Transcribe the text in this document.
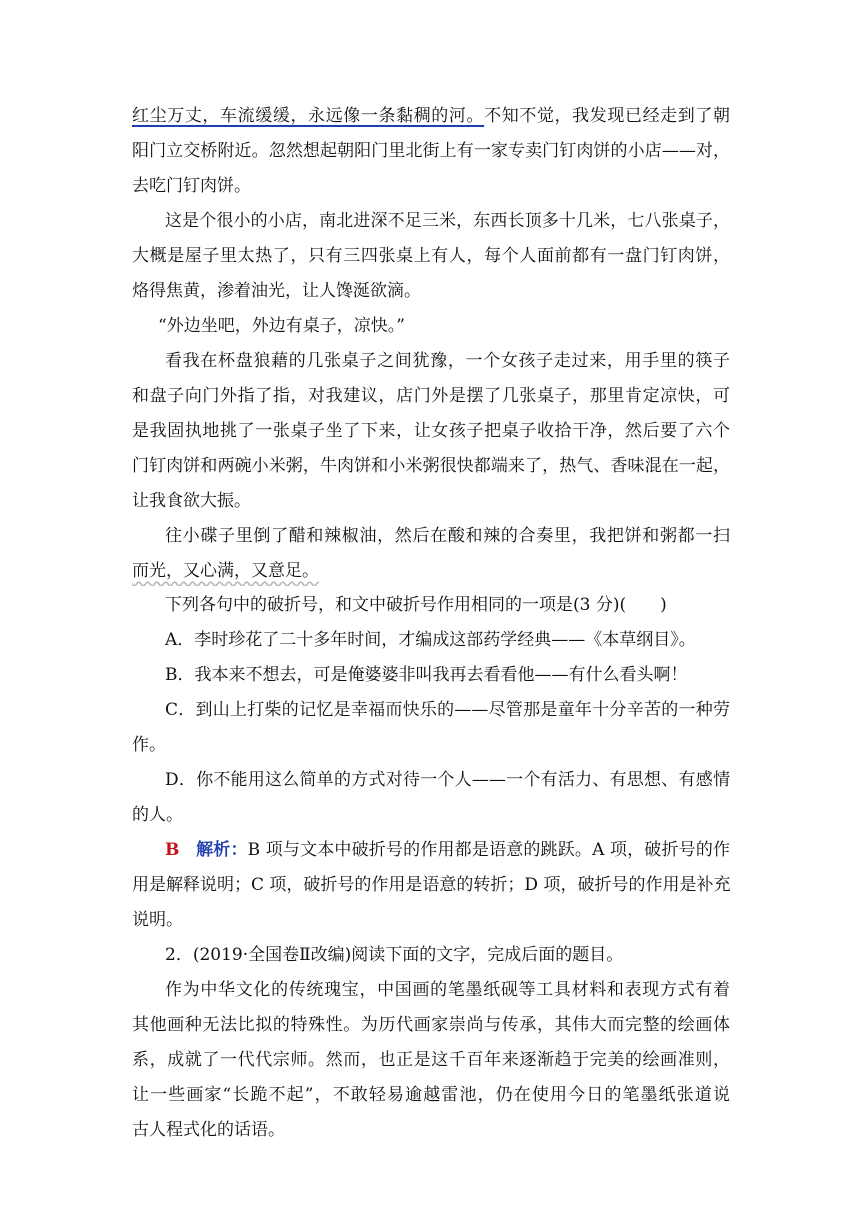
红尘万丈，车流缓缓，永远像一条黏稠的河。不知不觉，我发现已经走到了朝
阳门立交桥附近。忽然想起朝阳门里北街上有一家专卖门钉肉饼的小店——对，
去吃门钉肉饼。
这是个很小的小店，南北进深不足三米，东西长顶多十几米，七八张桌子，
大概是屋子里太热了，只有三四张桌上有人，每个人面前都有一盘门钉肉饼，
烙得焦黄，渗着油光，让人馋涎欲滴。
“外边坐吧，外边有桌子，凉快。”
看我在杯盘狼藉的几张桌子之间犹豫，一个女孩子走过来，用手里的筷子
和盘子向门外指了指，对我建议，店门外是摆了几张桌子，那里肯定凉快，可
是我固执地挑了一张桌子坐了下来，让女孩子把桌子收拾干净，然后要了六个
门钉肉饼和两碗小米粥，牛肉饼和小米粥很快都端来了，热气、香味混在一起，
让我食欲大振。
往小碟子里倒了醋和辣椒油，然后在酸和辣的合奏里，我把饼和粥都一扫
而光，又心满，又意足。
下列各句中的破折号，和文中破折号作用相同的一项是(3 分)(　　)
A．李时珍花了二十多年时间，才编成这部药学经典——《本草纲目》。
B．我本来不想去，可是俺婆婆非叫我再去看看他——有什么看头啊！
C．到山上打柴的记忆是幸福而快乐的——尽管那是童年十分辛苦的一种劳
作。
D．你不能用这么简单的方式对待一个人——一个有活力、有思想、有感情
的人。
B 解析：B 项与文本中破折号的作用都是语意的跳跃。A 项，破折号的作
用是解释说明；C 项，破折号的作用是语意的转折；D 项，破折号的作用是补充
说明。
2．(2019·全国卷Ⅱ改编)阅读下面的文字，完成后面的题目。
作为中华文化的传统瑰宝，中国画的笔墨纸砚等工具材料和表现方式有着
其他画种无法比拟的特殊性。为历代画家崇尚与传承，其伟大而完整的绘画体
系，成就了一代代宗师。然而，也正是这千百年来逐渐趋于完美的绘画准则，
让一些画家“长跪不起”，不敢轻易逾越雷池，仍在使用今日的笔墨纸张道说
古人程式化的话语。
